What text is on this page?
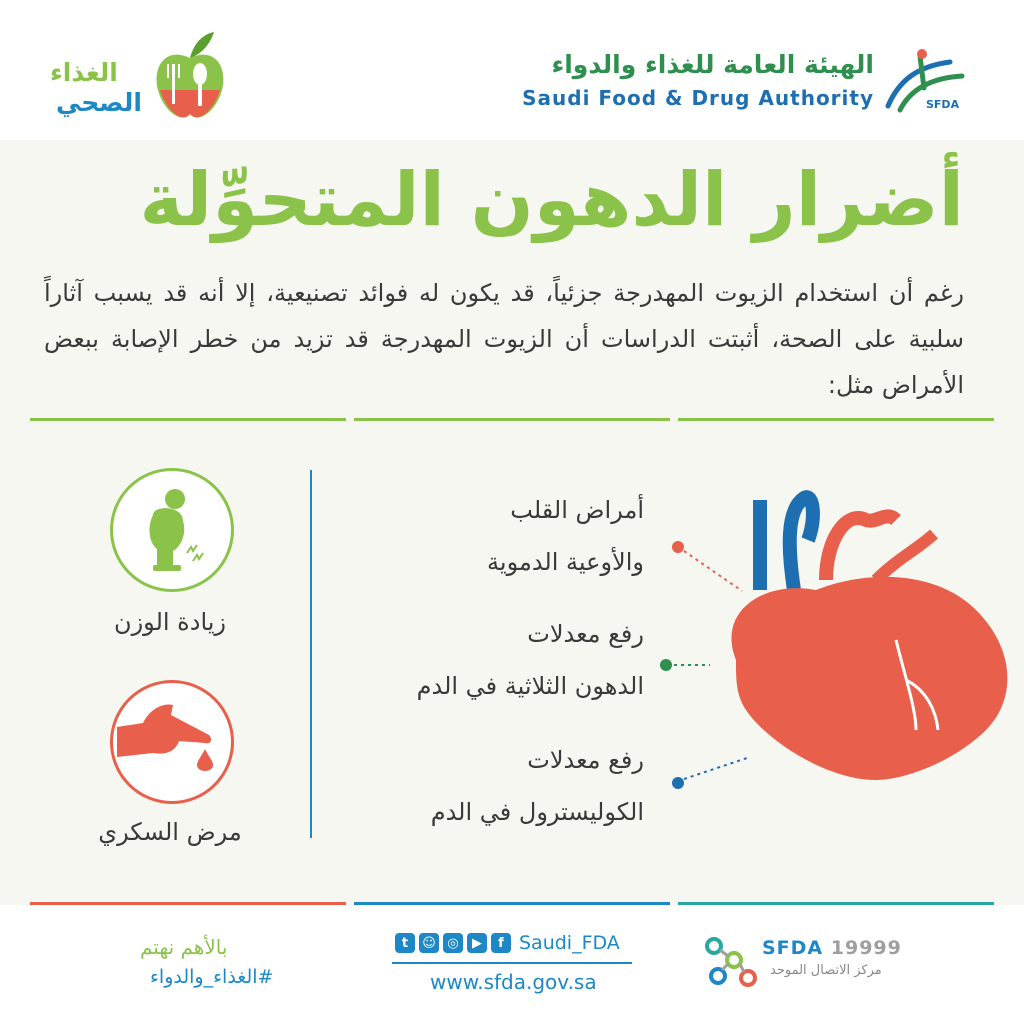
الهيئة العامة للغذاء والدواء
Saudi Food & Drug Authority	SFDA
الغذاء
الصحي
أضرار الدهون المتحوِّلة
رغم أن استخدام الزيوت المهدرجة جزئياً، قد يكون له فوائد تصنيعية، إلا أنه قد يسبب آثاراً سلبية على الصحة، أثبتت الدراسات أن الزيوت المهدرجة قد تزيد من خطر الإصابة ببعض الأمراض مثل:
زيادة الوزن
مرض السكري
أمراض القلب
والأوعية الدموية
رفع معدلات
الدهون الثلاثية في الدم
رفع معدلات
الكوليسترول في الدم
بالأهم نهتم
#الغذاء_والدواء
t	☺ ◎	▶	f Saudi_FDA
www.sfda.gov.sa
SFDA 19999
مركز الاتصال الموحد
